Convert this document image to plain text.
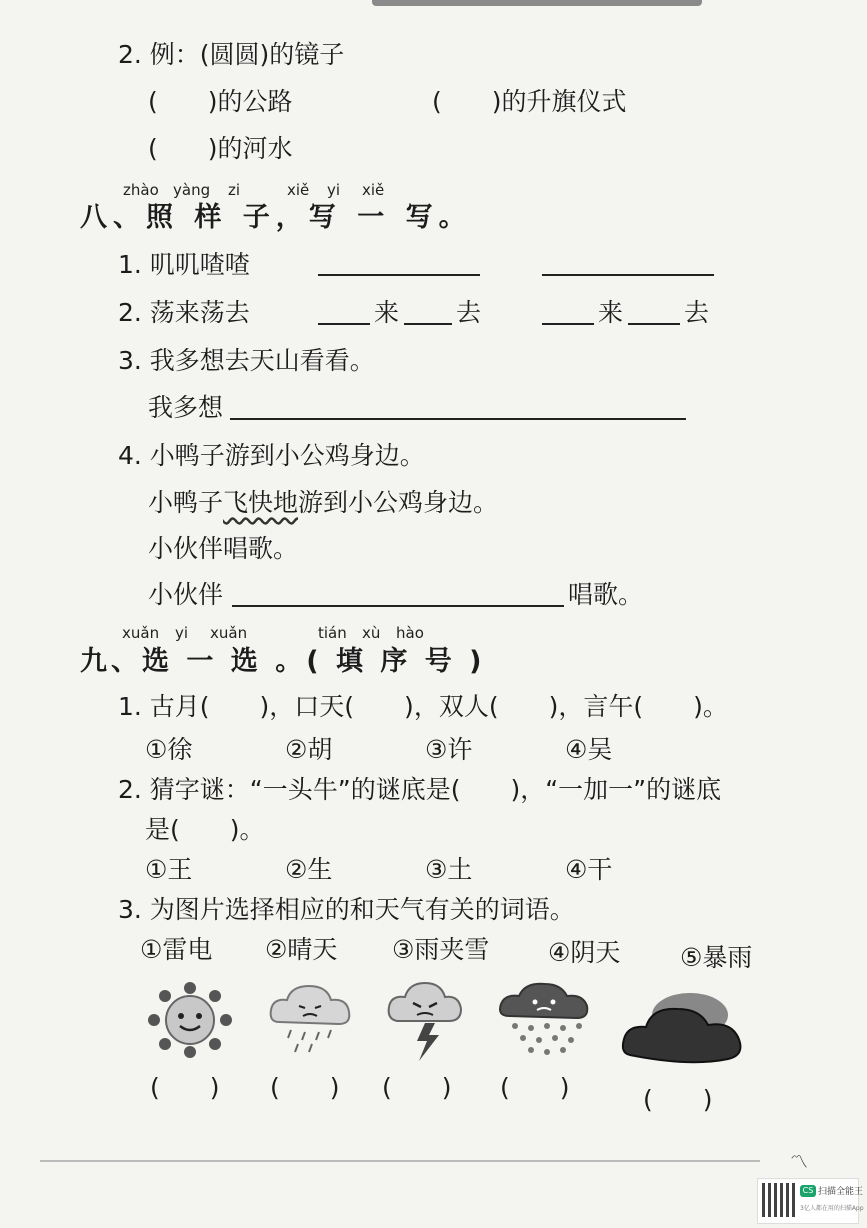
2. 例：(圆圆)的镜子
(　　)的公路	(　　)的升旗仪式
(　　)的河水
zhào yàng zi	xiě yi xiě
八、照 样 子，写 一 写。
1. 叽叽喳喳
2. 荡来荡去	来 去	来 去
3. 我多想去天山看看。
我多想
4. 小鸭子游到小公鸡身边。
小鸭子飞快地游到小公鸡身边。
小伙伴唱歌。
小伙伴	唱歌。
xuǎn yi xuǎn	tián xù hào
九、选 一 选 。( 填 序 号 )
1. 古月(　　)，口天(　　)，双人(　　)，言午(　　)。
①徐	②胡	③许	④吴
2. 猜字谜：“一头牛”的谜底是(　　)，“一加一”的谜底
是(　　)。
①王	②生	③土	④干
3. 为图片选择相应的和天气有关的词语。
①雷电 ②晴天 ③雨夹雪 ④阴天 ⑤暴雨
(　　) (　　) (　　) (　　)	(　　)
〽
CS 扫描全能王
3亿人都在用的扫描App
